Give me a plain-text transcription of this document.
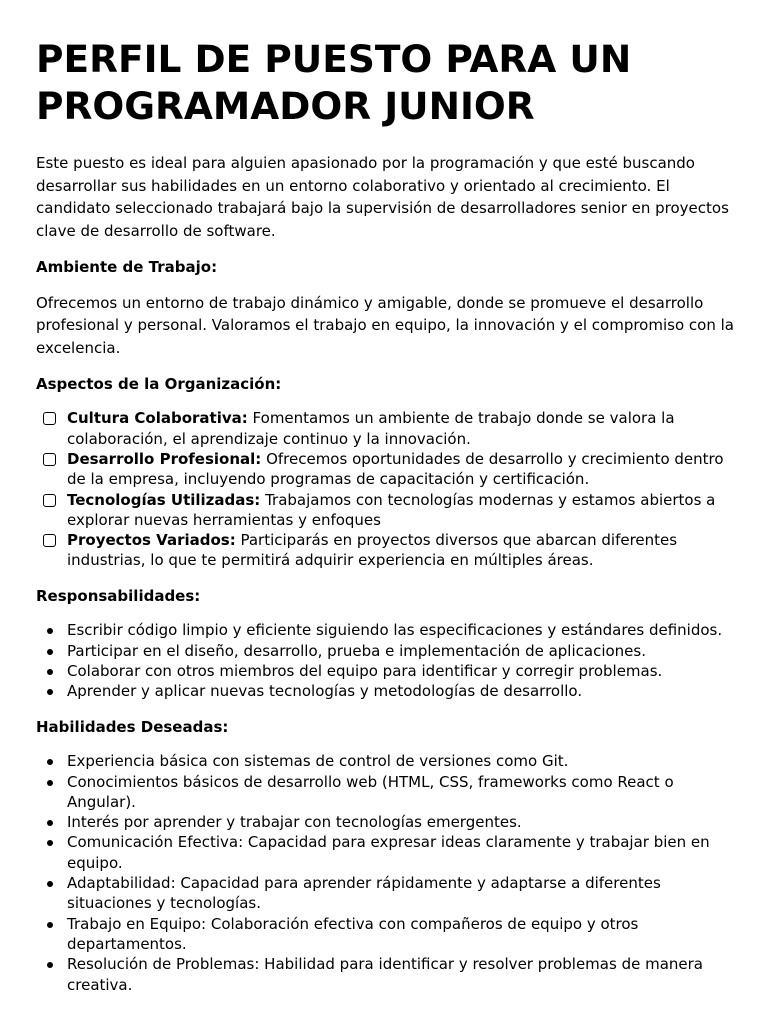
PERFIL DE PUESTO PARA UN
PROGRAMADOR JUNIOR

Este puesto es ideal para alguien apasionado por la programación y que esté buscando desarrollar sus habilidades en un entorno colaborativo y orientado al crecimiento. El candidato seleccionado trabajará bajo la supervisión de desarrolladores senior en proyectos clave de desarrollo de software.

Ambiente de Trabajo:

Ofrecemos un entorno de trabajo dinámico y amigable, donde se promueve el desarrollo profesional y personal. Valoramos el trabajo en equipo, la innovación y el compromiso con la excelencia.

Aspectos de la Organización:
Cultura Colaborativa: Fomentamos un ambiente de trabajo donde se valora la colaboración, el aprendizaje continuo y la innovación.
Desarrollo Profesional: Ofrecemos oportunidades de desarrollo y crecimiento dentro de la empresa, incluyendo programas de capacitación y certificación.
Tecnologías Utilizadas: Trabajamos con tecnologías modernas y estamos abiertos a explorar nuevas herramientas y enfoques
Proyectos Variados: Participarás en proyectos diversos que abarcan diferentes industrias, lo que te permitirá adquirir experiencia en múltiples áreas.
Responsabilidades:
Escribir código limpio y eficiente siguiendo las especificaciones y estándares definidos.
Participar en el diseño, desarrollo, prueba e implementación de aplicaciones.
Colaborar con otros miembros del equipo para identificar y corregir problemas.
Aprender y aplicar nuevas tecnologías y metodologías de desarrollo.
Habilidades Deseadas:
Experiencia básica con sistemas de control de versiones como Git.
Conocimientos básicos de desarrollo web (HTML, CSS, frameworks como React o Angular).
Interés por aprender y trabajar con tecnologías emergentes.
Comunicación Efectiva: Capacidad para expresar ideas claramente y trabajar bien en equipo.
Adaptabilidad: Capacidad para aprender rápidamente y adaptarse a diferentes situaciones y tecnologías.
Trabajo en Equipo: Colaboración efectiva con compañeros de equipo y otros departamentos.
Resolución de Problemas: Habilidad para identificar y resolver problemas de manera creativa.
